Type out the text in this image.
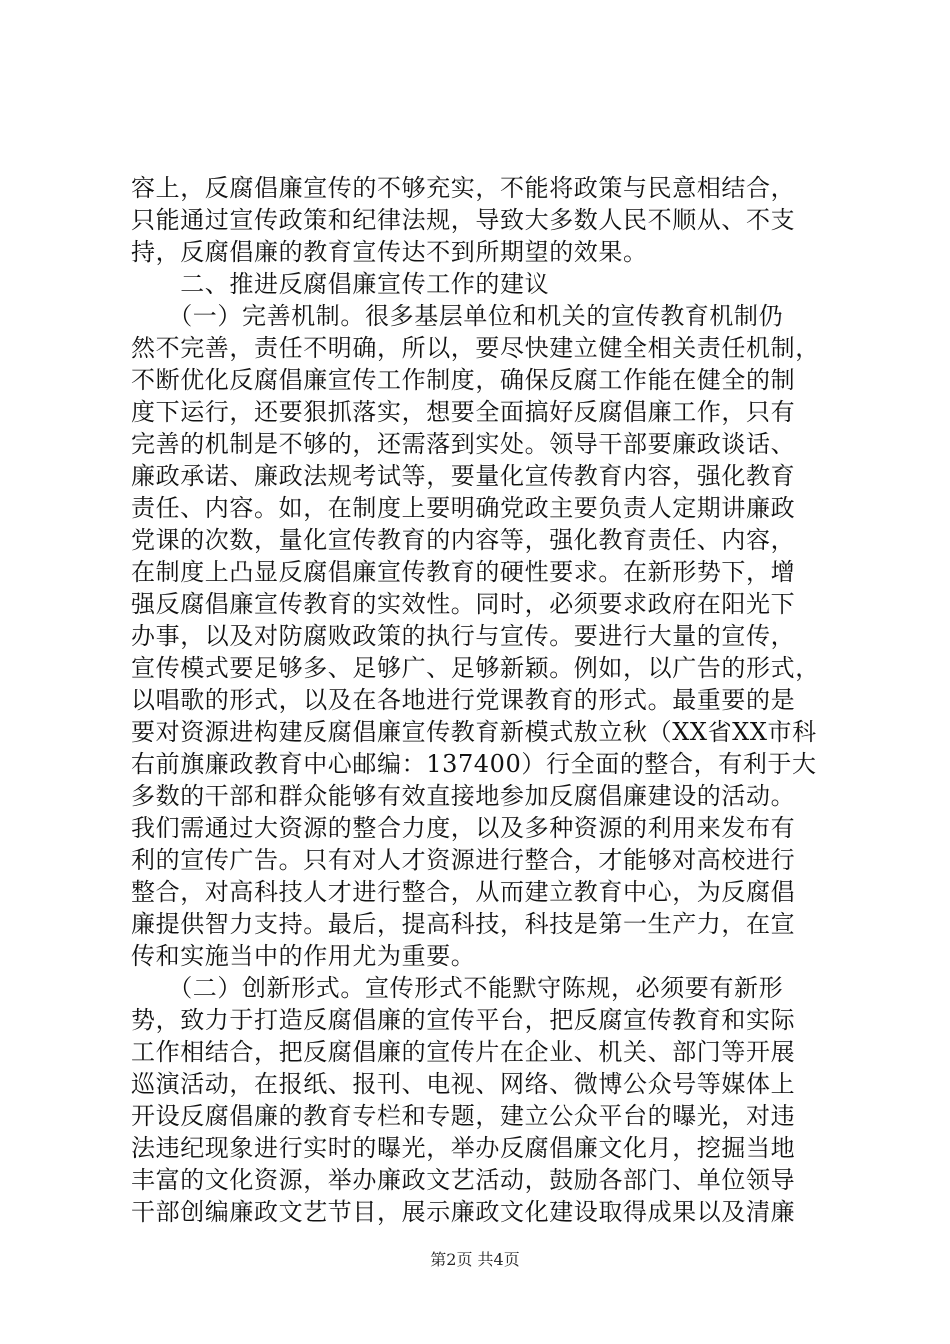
容上，反腐倡廉宣传的不够充实，不能将政策与民意相结合，
只能通过宣传政策和纪律法规，导致大多数人民不顺从、不支
持，反腐倡廉的教育宣传达不到所期望的效果。
　　二、推进反腐倡廉宣传工作的建议
　　（一）完善机制。很多基层单位和机关的宣传教育机制仍
然不完善，责任不明确，所以，要尽快建立健全相关责任机制，
不断优化反腐倡廉宣传工作制度，确保反腐工作能在健全的制
度下运行，还要狠抓落实，想要全面搞好反腐倡廉工作，只有
完善的机制是不够的，还需落到实处。领导干部要廉政谈话、
廉政承诺、廉政法规考试等，要量化宣传教育内容，强化教育
责任、内容。如，在制度上要明确党政主要负责人定期讲廉政
党课的次数，量化宣传教育的内容等，强化教育责任、内容，
在制度上凸显反腐倡廉宣传教育的硬性要求。在新形势下，增
强反腐倡廉宣传教育的实效性。同时，必须要求政府在阳光下
办事，以及对防腐败政策的执行与宣传。要进行大量的宣传，
宣传模式要足够多、足够广、足够新颖。例如，以广告的形式，
以唱歌的形式，以及在各地进行党课教育的形式。最重要的是
要对资源进构建反腐倡廉宣传教育新模式敖立秋（XX省XX市科
右前旗廉政教育中心邮编：137400）行全面的整合，有利于大
多数的干部和群众能够有效直接地参加反腐倡廉建设的活动。
我们需通过大资源的整合力度，以及多种资源的利用来发布有
利的宣传广告。只有对人才资源进行整合，才能够对高校进行
整合，对高科技人才进行整合，从而建立教育中心，为反腐倡
廉提供智力支持。最后，提高科技，科技是第一生产力，在宣
传和实施当中的作用尤为重要。
　　（二）创新形式。宣传形式不能默守陈规，必须要有新形
势，致力于打造反腐倡廉的宣传平台，把反腐宣传教育和实际
工作相结合，把反腐倡廉的宣传片在企业、机关、部门等开展
巡演活动，在报纸、报刊、电视、网络、微博公众号等媒体上
开设反腐倡廉的教育专栏和专题，建立公众平台的曝光，对违
法违纪现象进行实时的曝光，举办反腐倡廉文化月，挖掘当地
丰富的文化资源，举办廉政文艺活动，鼓励各部门、单位领导
干部创编廉政文艺节目，展示廉政文化建设取得成果以及清廉
第2页 共4页
